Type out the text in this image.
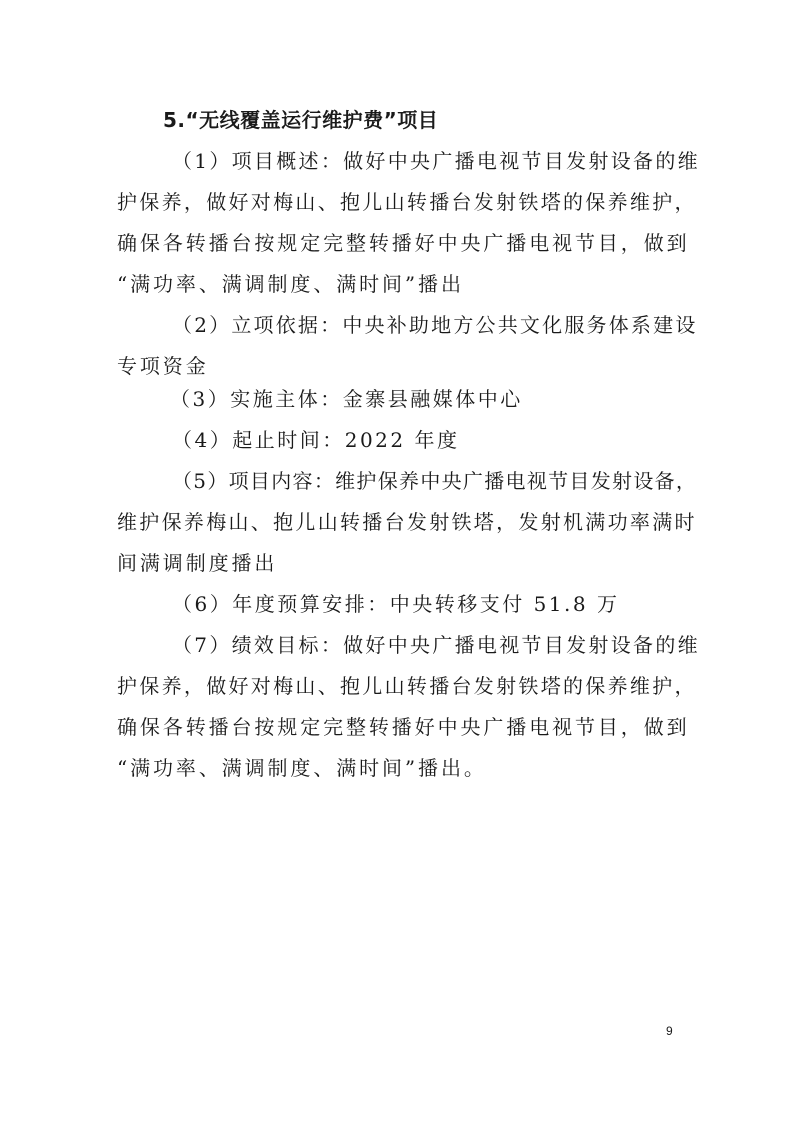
5.“无线覆盖运行维护费”项目
（1）项目概述：做好中央广播电视节目发射设备的维
护保养，做好对梅山、抱儿山转播台发射铁塔的保养维护，
确保各转播台按规定完整转播好中央广播电视节目，做到
“满功率、满调制度、满时间”播出
（2）立项依据：中央补助地方公共文化服务体系建设
专项资金
（3）实施主体：金寨县融媒体中心
（4）起止时间：2022 年度
（5）项目内容：维护保养中央广播电视节目发射设备，
维护保养梅山、抱儿山转播台发射铁塔，发射机满功率满时
间满调制度播出
（6）年度预算安排：中央转移支付 51.8 万
（7）绩效目标：做好中央广播电视节目发射设备的维
护保养，做好对梅山、抱儿山转播台发射铁塔的保养维护，
确保各转播台按规定完整转播好中央广播电视节目，做到
“满功率、满调制度、满时间”播出。
9
